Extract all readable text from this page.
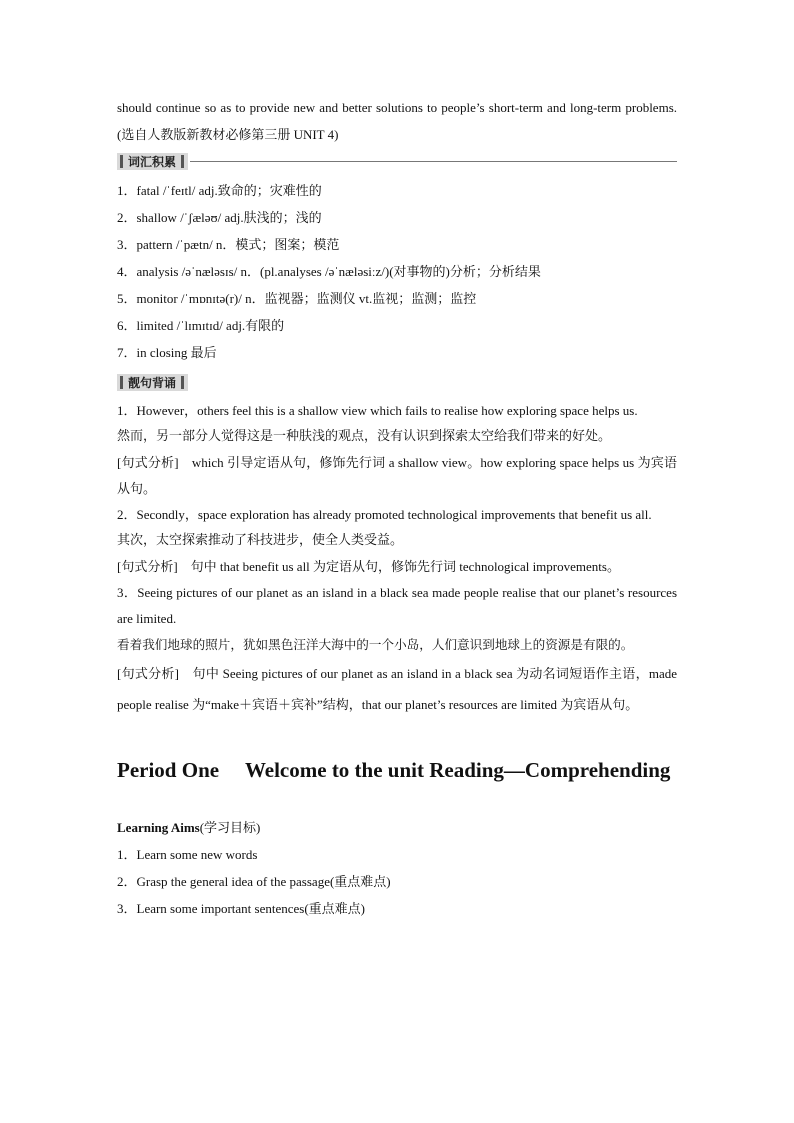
should continue so as to provide new and better solutions to people’s short-term and long-term problems.(选自人教版新教材必修第三册 UNIT 4)

词汇积累
1．fatal /ˈfeɪtl/ adj.致命的；灾难性的
2．shallow /ˈʃæləʊ/ adj.肤浅的；浅的
3．pattern /ˈpætn/ n．模式；图案；模范
4．analysis /əˈnæləsɪs/ n．(pl.analyses /əˈnæləsiːz/)(对事物的)分析；分析结果
5．monitor /ˈmɒnɪtə(r)/ n．监视器；监测仪 vt.监视；监测；监控
6．limited /ˈlɪmɪtɪd/ adj.有限的
7．in closing 最后
靓句背诵

1．However，others feel this is a shallow view which fails to realise how exploring space helps us.

然而，另一部分人觉得这是一种肤浅的观点，没有认识到探索太空给我们带来的好处。

[句式分析]　which 引导定语从句，修饰先行词 a shallow view。how exploring space helps us 为宾语从句。

2．Secondly，space exploration has already promoted technological improvements that benefit us all.

其次，太空探索推动了科技进步，使全人类受益。

[句式分析]　句中 that benefit us all 为定语从句，修饰先行词 technological improvements。

3．Seeing pictures of our planet as an island in a black sea made people realise that our planet’s resources are limited.

看着我们地球的照片，犹如黑色汪洋大海中的一个小岛，人们意识到地球上的资源是有限的。

[句式分析]　句中 Seeing pictures of our planet as an island in a black sea 为动名词短语作主语，made people realise 为“make＋宾语＋宾补”结构，that our planet’s resources are limited 为宾语从句。

Period One　 Welcome to the unit Reading—Comprehending
Learning Aims(学习目标)
1．Learn some new words
2．Grasp the general idea of the passage(重点难点)
3．Learn some important sentences(重点难点)
